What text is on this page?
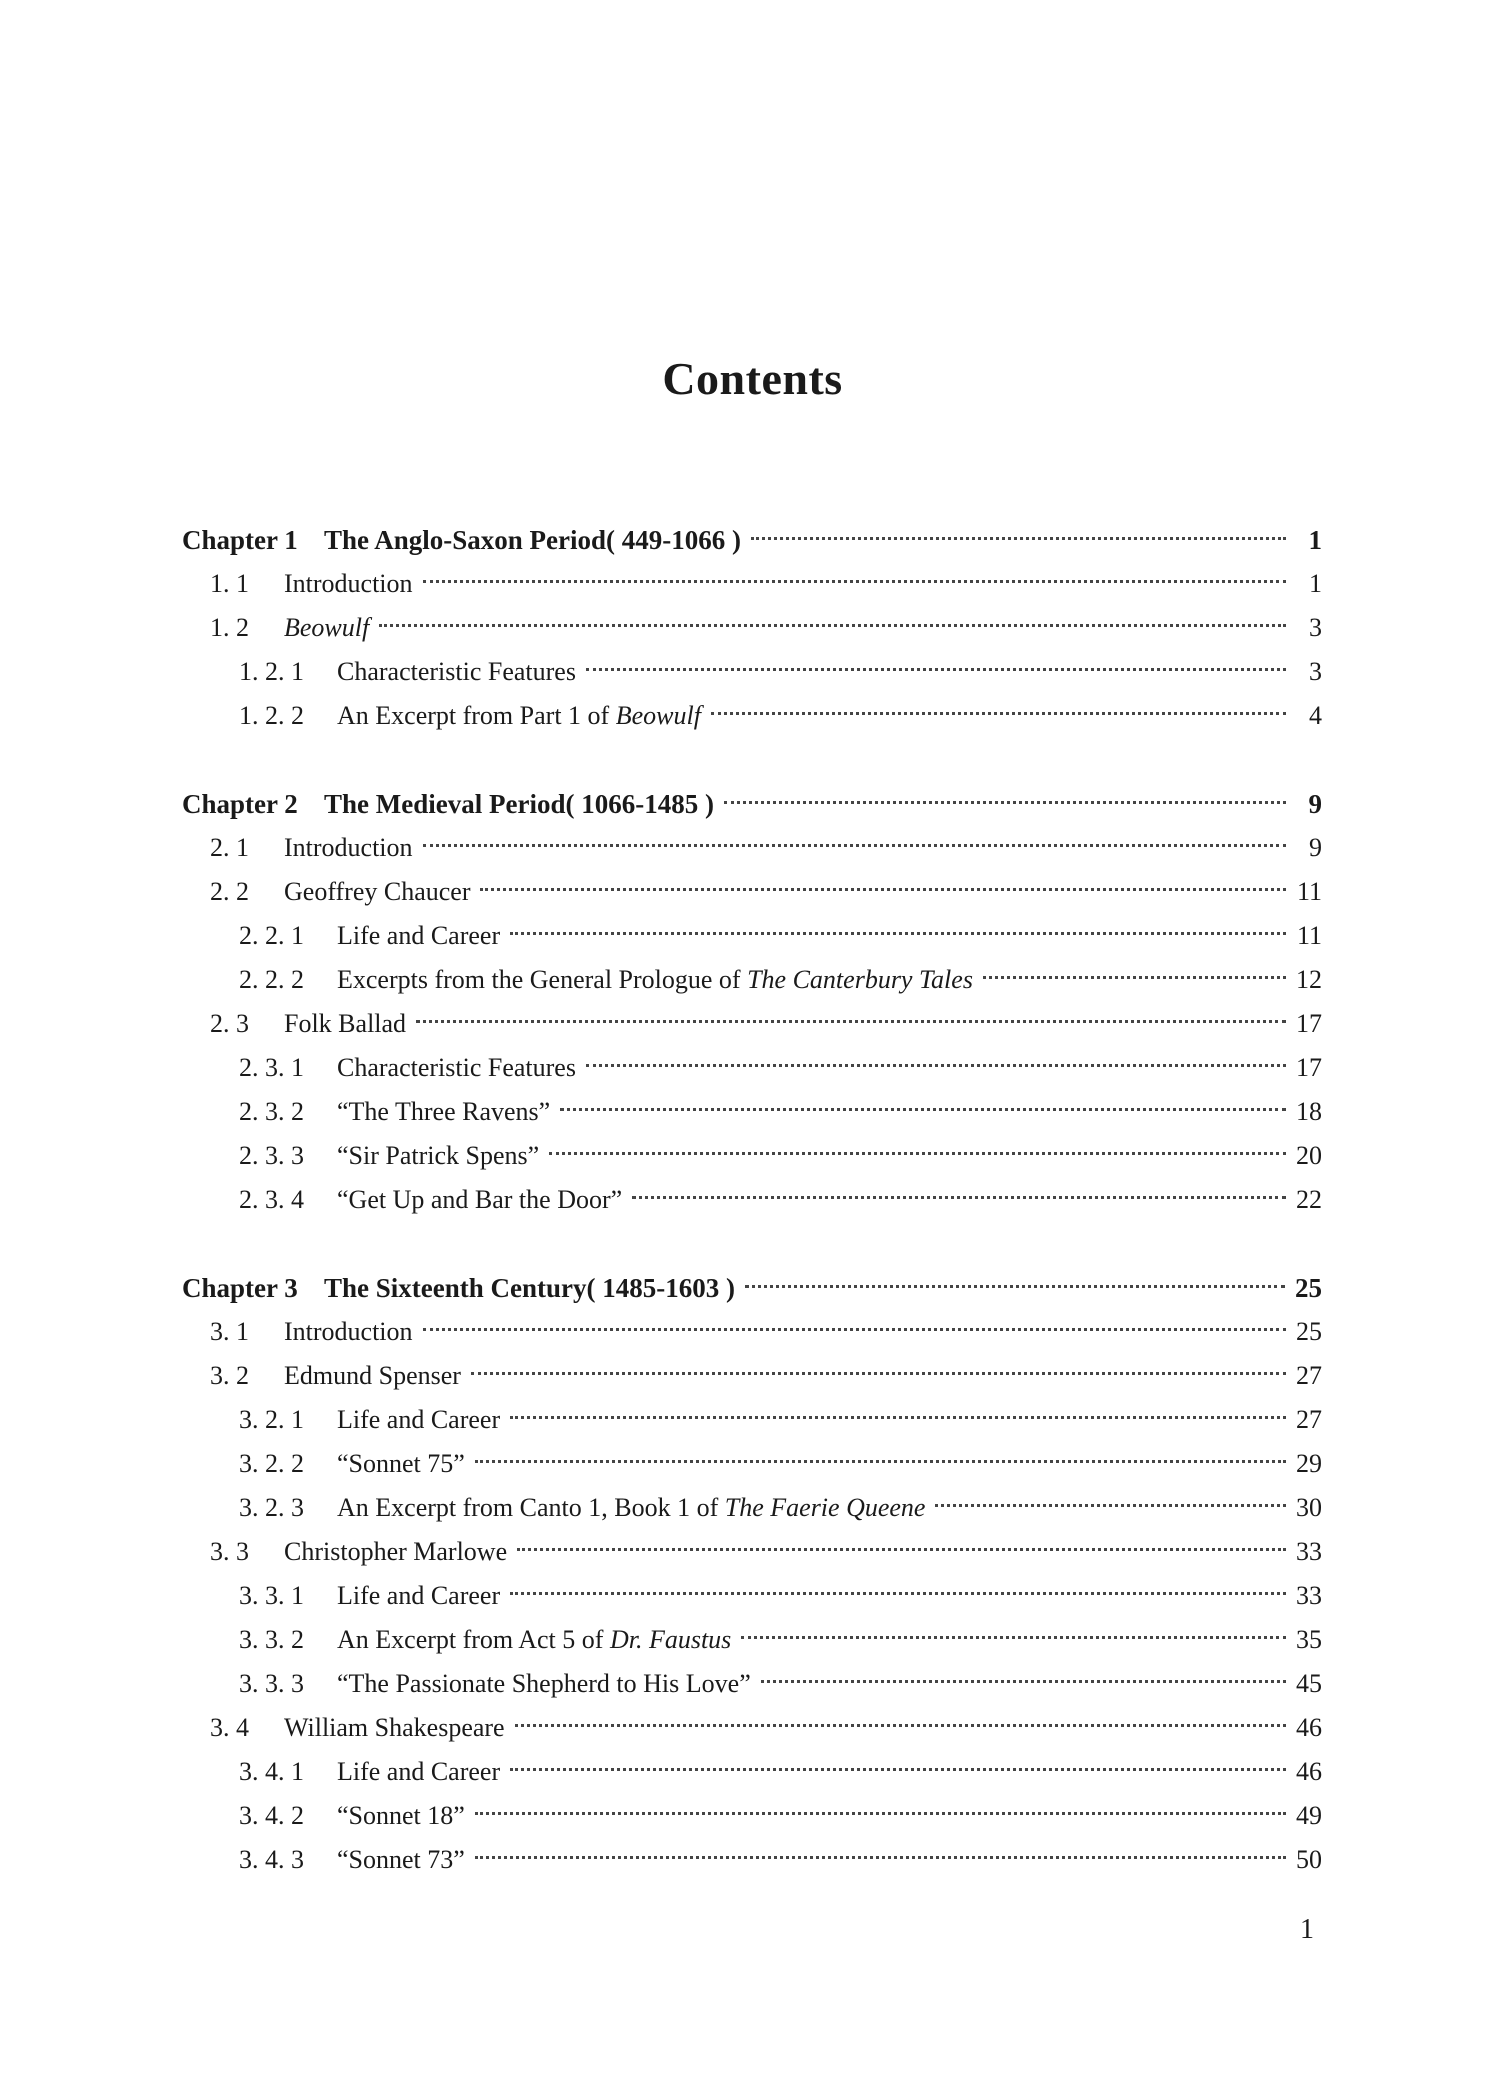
Contents
Chapter 1 The Anglo-Saxon Period( 449-1066 )	1
1. 1	Introduction	1
1. 2	Beowulf	3
1. 2. 1	Characteristic Features	3
1. 2. 2	An Excerpt from Part 1 of Beowulf	4
Chapter 2 The Medieval Period( 1066-1485 )	9
2. 1	Introduction	9
2. 2	Geoffrey Chaucer	11
2. 2. 1	Life and Career	11
2. 2. 2	Excerpts from the General Prologue of The Canterbury Tales	12
2. 3	Folk Ballad	17
2. 3. 1	Characteristic Features	17
2. 3. 2	“The Three Ravens”	18
2. 3. 3	“Sir Patrick Spens”	20
2. 3. 4	“Get Up and Bar the Door”	22
Chapter 3 The Sixteenth Century( 1485-1603 )	25
3. 1	Introduction	25
3. 2	Edmund Spenser	27
3. 2. 1	Life and Career	27
3. 2. 2	“Sonnet 75”	29
3. 2. 3	An Excerpt from Canto 1, Book 1 of The Faerie Queene	30
3. 3	Christopher Marlowe	33
3. 3. 1	Life and Career	33
3. 3. 2	An Excerpt from Act 5 of Dr. Faustus	35
3. 3. 3	“The Passionate Shepherd to His Love”	45
3. 4	William Shakespeare	46
3. 4. 1	Life and Career	46
3. 4. 2	“Sonnet 18”	49
3. 4. 3	“Sonnet 73”	50
1
